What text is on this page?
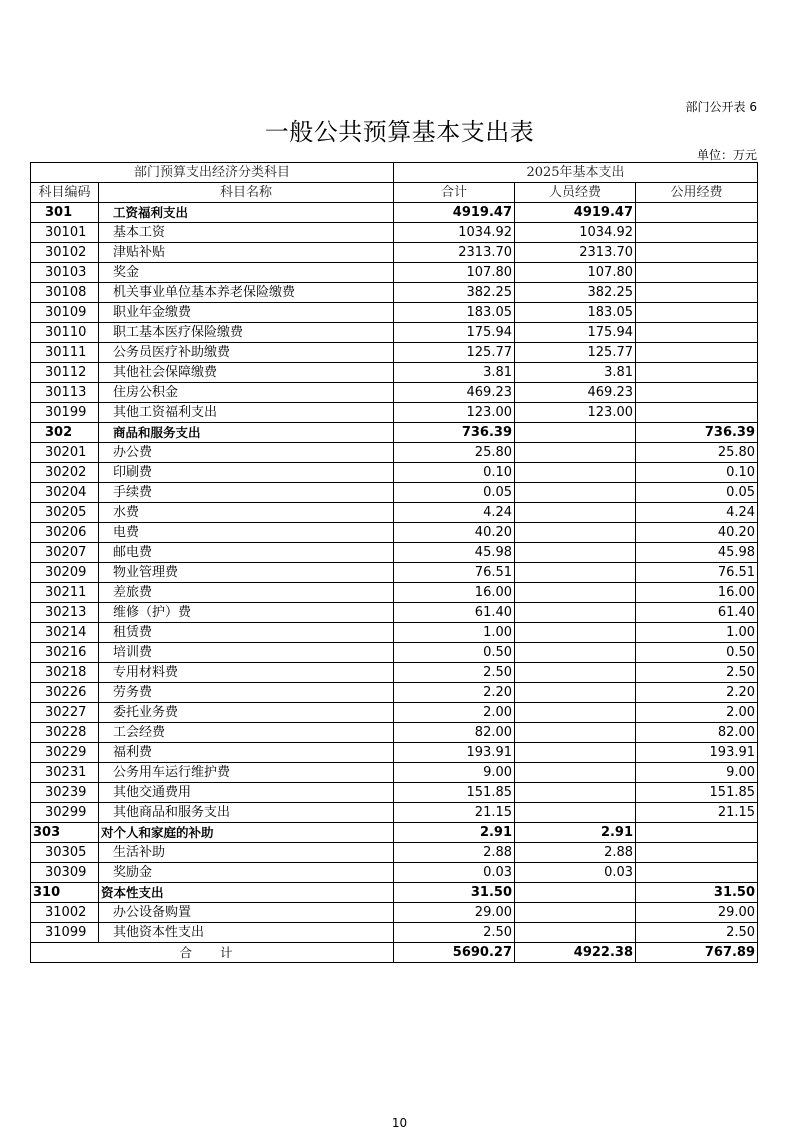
部门公开表 6
一般公共预算基本支出表
单位：万元
部门预算支出经济分类科目		2025年基本支出		
科目编码	科目名称	合计	人员经费	公用经费
301	工资福利支出	4919.47	4919.47	
30101	基本工资	1034.92	1034.92	
30102	津贴补贴	2313.70	2313.70	
30103	奖金	107.80	107.80	
30108	机关事业单位基本养老保险缴费	382.25	382.25	
30109	职业年金缴费	183.05	183.05	
30110	职工基本医疗保险缴费	175.94	175.94	
30111	公务员医疗补助缴费	125.77	125.77	
30112	其他社会保障缴费	3.81	3.81	
30113	住房公积金	469.23	469.23	
30199	其他工资福利支出	123.00	123.00	
302	商品和服务支出	736.39		736.39
30201	办公费	25.80		25.80
30202	印刷费	0.10		0.10
30204	手续费	0.05		0.05
30205	水费	4.24		4.24
30206	电费	40.20		40.20
30207	邮电费	45.98		45.98
30209	物业管理费	76.51		76.51
30211	差旅费	16.00		16.00
30213	维修（护）费	61.40		61.40
30214	租赁费	1.00		1.00
30216	培训费	0.50		0.50
30218	专用材料费	2.50		2.50
30226	劳务费	2.20		2.20
30227	委托业务费	2.00		2.00
30228	工会经费	82.00		82.00
30229	福利费	193.91		193.91
30231	公务用车运行维护费	9.00		9.00
30239	其他交通费用	151.85		151.85
30299	其他商品和服务支出	21.15		21.15
303	对个人和家庭的补助	2.91	2.91	
30305	生活补助	2.88	2.88	
30309	奖励金	0.03	0.03	
310	资本性支出	31.50		31.50
31002	办公设备购置	29.00		29.00
31099	其他资本性支出	2.50		2.50
合 计		5690.27	4922.38	767.89
10
